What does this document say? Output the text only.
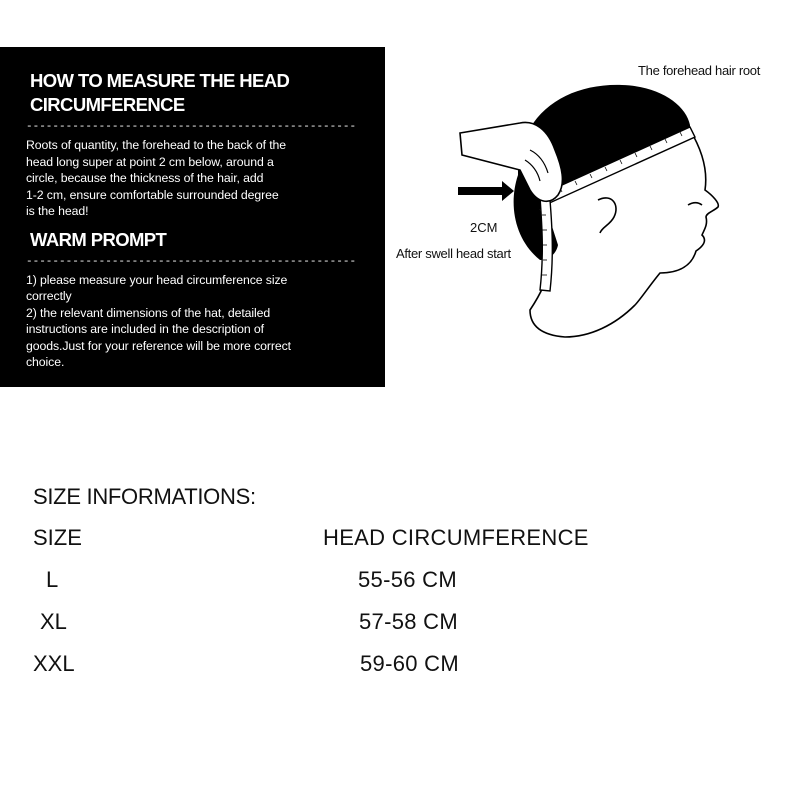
HOW TO MEASURE THE HEAD CIRCUMFERENCE
--------------------------------------------------
Roots of quantity, the forehead to the back of the
head long super at point 2 cm below, around a
circle, because the thickness of the hair, add
1-2 cm, ensure comfortable surrounded degree
is the head!
WARM PROMPT
--------------------------------------------------
1) please measure your head circumference size
correctly
2) the relevant dimensions of the hat, detailed
instructions are included in the description of
goods.Just for your reference will be more correct
choice.
The forehead hair root
2CM
After swell head start
SIZE INFORMATIONS:
SIZE	HEAD CIRCUMFERENCE
L	55-56 CM
XL	57-58 CM
XXL	59-60 CM
